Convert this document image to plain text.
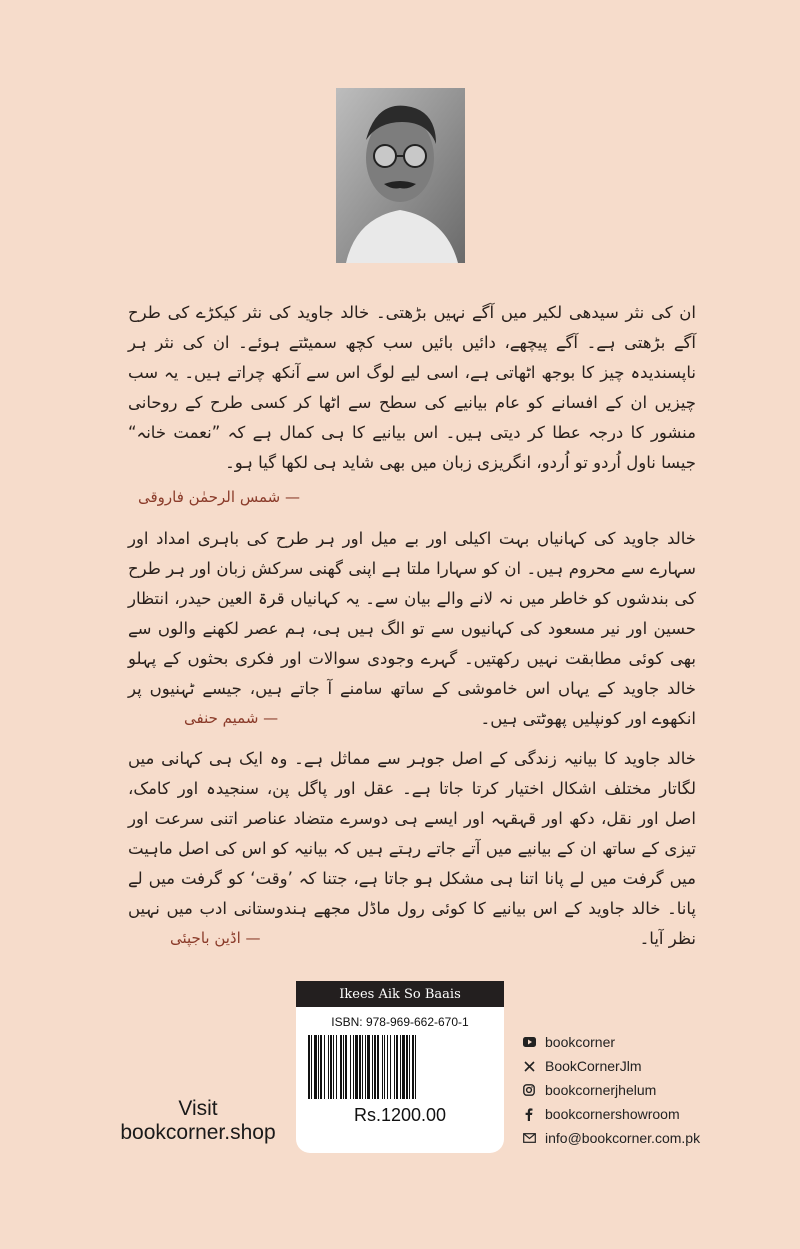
ان کی نثر سیدھی لکیر میں آگے نہیں بڑھتی۔ خالد جاوید کی نثر کیکڑے کی طرح آگے بڑھتی ہے۔ آگے پیچھے، دائیں بائیں سب کچھ سمیٹتے ہوئے۔ ان کی نثر ہر ناپسندیدہ چیز کا بوجھ اٹھاتی ہے، اسی لیے لوگ اس سے آنکھ چراتے ہیں۔ یہ سب چیزیں ان کے افسانے کو عام بیانیے کی سطح سے اٹھا کر کسی طرح کے روحانی منشور کا درجہ عطا کر دیتی ہیں۔ اس بیانیے کا ہی کمال ہے کہ ”نعمت خانہ“ جیسا ناول اُردو تو اُردو، انگریزی زبان میں بھی شاید ہی لکھا گیا ہو۔
— شمس الرحمٰن فاروقی
خالد جاوید کی کہانیاں بہت اکیلی اور بے میل اور ہر طرح کی باہری امداد اور سہارے سے محروم ہیں۔ ان کو سہارا ملتا ہے اپنی گھنی سرکش زبان اور ہر طرح کی بندشوں کو خاطر میں نہ لانے والے بیان سے۔ یہ کہانیاں قرۃ العین حیدر، انتظار حسین اور نیر مسعود کی کہانیوں سے تو الگ ہیں ہی، ہم عصر لکھنے والوں سے بھی کوئی مطابقت نہیں رکھتیں۔ گہرے وجودی سوالات اور فکری بحثوں کے پہلو خالد جاوید کے یہاں اس خاموشی کے ساتھ سامنے آ جاتے ہیں، جیسے ٹہنیوں پر انکھوے اور کونپلیں پھوٹتی ہیں۔
— شمیم حنفی
خالد جاوید کا بیانیہ زندگی کے اصل جوہر سے مماثل ہے۔ وہ ایک ہی کہانی میں لگاتار مختلف اشکال اختیار کرتا جاتا ہے۔ عقل اور پاگل پن، سنجیدہ اور کامک، اصل اور نقل، دکھ اور قہقہہ اور ایسے ہی دوسرے متضاد عناصر اتنی سرعت اور تیزی کے ساتھ ان کے بیانیے میں آتے جاتے رہتے ہیں کہ بیانیہ کو اس کی اصل ماہیت میں گرفت میں لے پانا اتنا ہی مشکل ہو جاتا ہے، جتنا کہ ’وقت‘ کو گرفت میں لے پانا۔ خالد جاوید کے اس بیانیے کا کوئی رول ماڈل مجھے ہندوستانی ادب میں نہیں نظر آیا۔
— اڈین باجپئی
Ikees Aik So Baais
ISBN: 978-969-662-670-1
Rs.1200.00
Visit
bookcorner.shop
bookcorner
BookCornerJlm
bookcornerjhelum
bookcornershowroom
info@bookcorner.com.pk
